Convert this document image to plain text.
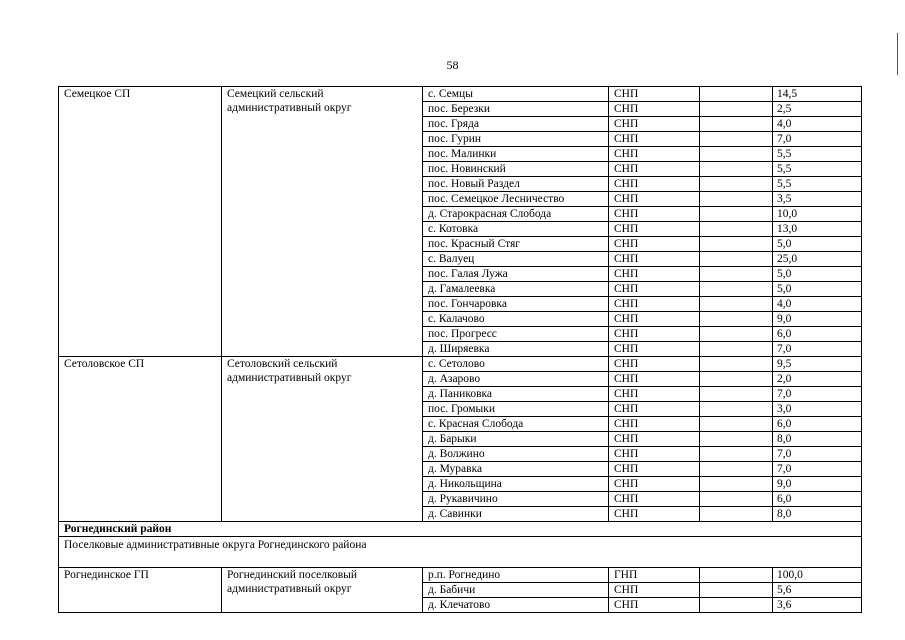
58
Семецкое СП	Семецкий сельский административный округ	с. Семцы	СНП		14,5
		пос. Березки	СНП		2,5
		пос. Гряда	СНП		4,0
		пос. Гурин	СНП		7,0
		пос. Малинки	СНП		5,5
		пос. Новинский	СНП		5,5
		пос. Новый Раздел	СНП		5,5
		пос. Семецкое Лесничество	СНП		3,5
		д. Старокрасная Слобода	СНП		10,0
		с. Котовка	СНП		13,0
		пос. Красный Стяг	СНП		5,0
		с. Валуец	СНП		25,0
		пос. Галая Лужа	СНП		5,0
		д. Гамалеевка	СНП		5,0
		пос. Гончаровка	СНП		4,0
		с. Калачово	СНП		9,0
		пос. Прогресс	СНП		6,0
		д. Ширяевка	СНП		7,0
Сетоловское СП	Сетоловский сельский административный округ	с. Сетолово	СНП		9,5
		д. Азарово	СНП		2,0
		д. Паниковка	СНП		7,0
		пос. Громыки	СНП		3,0
		с. Красная Слобода	СНП		6,0
		д. Барыки	СНП		8,0
		д. Волжино	СНП		7,0
		д. Муравка	СНП		7,0
		д. Никольщина	СНП		9,0
		д. Рукавичино	СНП		6,0
		д. Савинки	СНП		8,0
Рогнединский район					
Поселковые административные округа Рогнединского района					
Рогнединское ГП	Рогнединский поселковый административный округ	р.п. Рогнедино	ГНП		100,0
		д. Бабичи	СНП		5,6
		д. Клечатово	СНП		3,6
